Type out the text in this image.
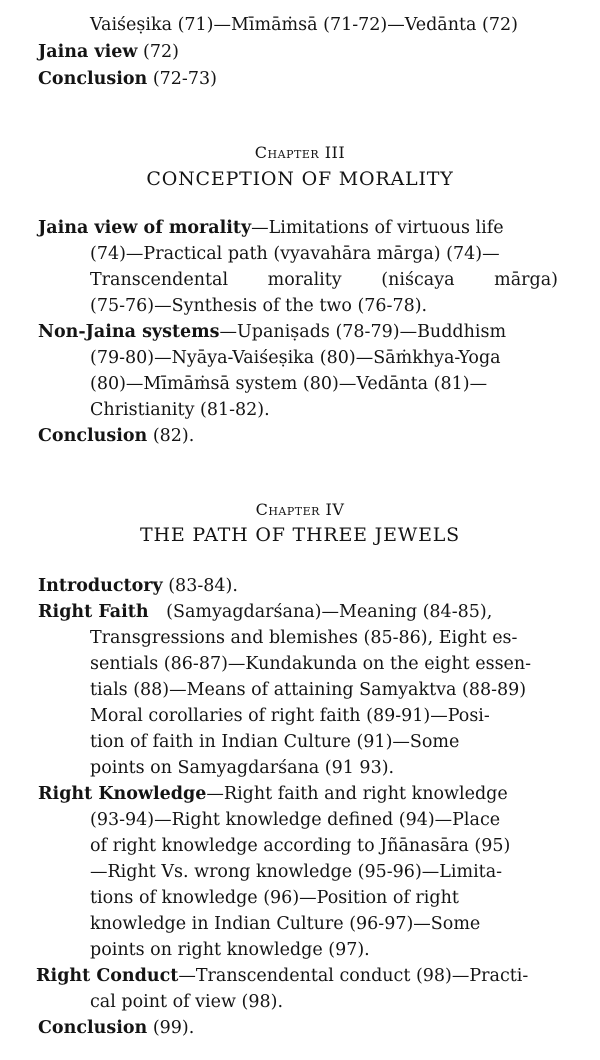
Vaiśeṣika (71)—Mīmāṁsā (71-72)—Vedānta (72)
Jaina view (72)
Conclusion (72-73)
Chapter III
CONCEPTION OF MORALITY
Jaina view of morality—Limitations of virtuous life
(74)—Practical path (vyavahāra mārga) (74)—
Transcendental morality (niścaya mārga)
(75-76)—Synthesis of the two (76-78).
Non-Jaina systems—Upaniṣads (78-79)—Buddhism
(79-80)—Nyāya-Vaiśeṣika (80)—Sāṁkhya-Yoga
(80)—Mīmāṁsā system (80)—Vedānta (81)—
Christianity (81-82).
Conclusion (82).
Chapter IV
THE PATH OF THREE JEWELS
Introductory (83-84).
Right Faith (Samyagdarśana)—Meaning (84-85),
Transgressions and blemishes (85-86), Eight es-
sentials (86-87)—Kundakunda on the eight essen-
tials (88)—Means of attaining Samyaktva (88-89)
Moral corollaries of right faith (89-91)—Posi-
tion of faith in Indian Culture (91)—Some
points on Samyagdarśana (91 93).
Right Knowledge—Right faith and right knowledge
(93-94)—Right knowledge defined (94)—Place
of right knowledge according to Jñānasāra (95)
—Right Vs. wrong knowledge (95-96)—Limita-
tions of knowledge (96)—Position of right
knowledge in Indian Culture (96-97)—Some
points on right knowledge (97).
Right Conduct—Transcendental conduct (98)—Practi-
cal point of view (98).
Conclusion (99).
